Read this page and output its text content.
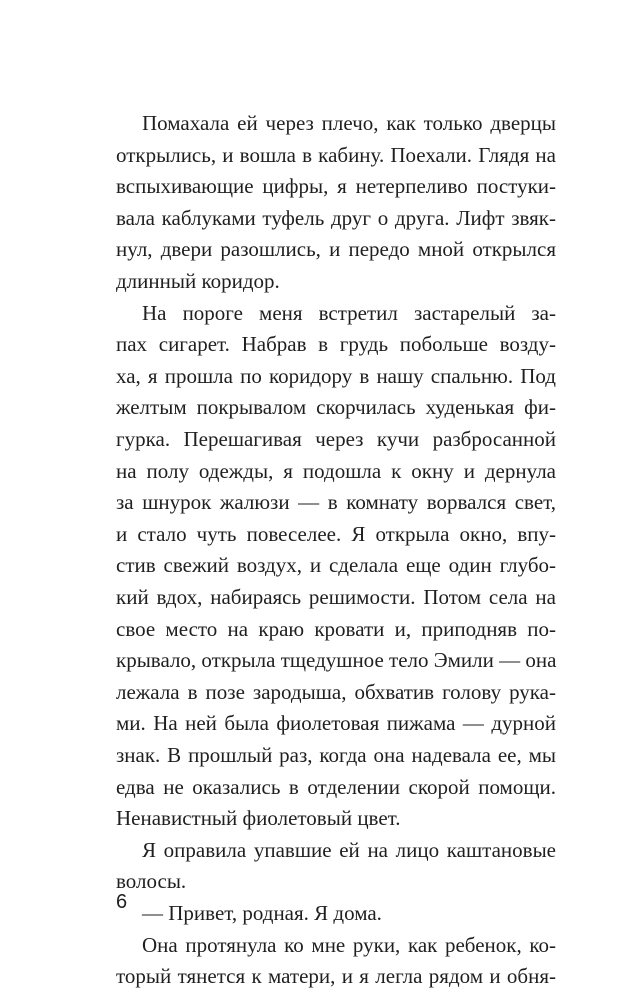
Помахала ей через плечо, как только дверцы
открылись, и вошла в кабину. Поехали. Глядя на
вспыхивающие цифры, я нетерпеливо постуки-
вала каблуками туфель друг о друга. Лифт звяк-
нул, двери разошлись, и передо мной открылся
длинный коридор.
На пороге меня встретил застарелый за-
пах сигарет. Набрав в грудь побольше возду-
ха, я прошла по коридору в нашу спальню. Под
желтым покрывалом скорчилась худенькая фи-
гурка. Перешагивая через кучи разбросанной
на полу одежды, я подошла к окну и дернула
за шнурок жалюзи — в комнату ворвался свет,
и стало чуть повеселее. Я открыла окно, впу-
стив свежий воздух, и сделала еще один глубо-
кий вдох, набираясь решимости. Потом села на
свое место на краю кровати и, приподняв по-
крывало, открыла тщедушное тело Эмили — она
лежала в позе зародыша, обхватив голову рука-
ми. На ней была фиолетовая пижама — дурной
знак. В прошлый раз, когда она надевала ее, мы
едва не оказались в отделении скорой помощи.
Ненавистный фиолетовый цвет.
Я оправила упавшие ей на лицо каштановые
волосы.
— Привет, родная. Я дома.
Она протянула ко мне руки, как ребенок, ко-
торый тянется к матери, и я легла рядом и обня-
6
